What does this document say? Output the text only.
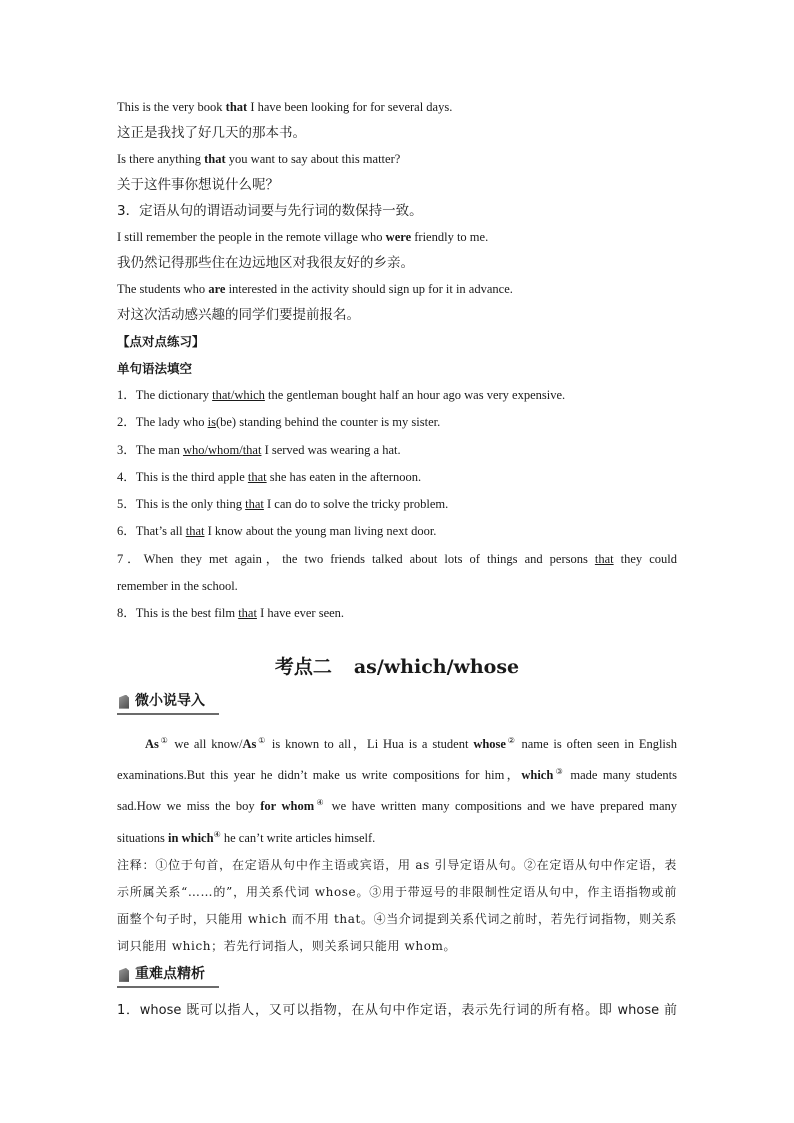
This is the very book that I have been looking for for several days.
这正是我找了好几天的那本书。
Is there anything that you want to say about this matter?
关于这件事你想说什么呢？
3．定语从句的谓语动词要与先行词的数保持一致。
I still remember the people in the remote village who were friendly to me.
我仍然记得那些住在边远地区对我很友好的乡亲。
The students who are interested in the activity should sign up for it in advance.
对这次活动感兴趣的同学们要提前报名。
【点对点练习】
单句语法填空
1．The dictionary that/which the gentleman bought half an hour ago was very expensive.
2．The lady who is(be) standing behind the counter is my sister.
3．The man who/whom/that I served was wearing a hat.
4．This is the third apple that she has eaten in the afternoon.
5．This is the only thing that I can do to solve the tricky problem.
6．That’s all that I know about the young man living next door.
7．When they met again，the two friends talked about lots of things and persons that they could
remember in the school.
8．This is the best film that I have ever seen.
考点二 as/which/whose
微小说导入
As① we all know/As① is known to all，Li Hua is a student whose② name is often seen in English examinations.But this year he didn’t make us write compositions for him，which③ made many students sad.How we miss the boy for whom④ we have written many compositions and we have prepared many situations in which④ he can’t write articles himself.
注释：①位于句首，在定语从句中作主语或宾语，用 as 引导定语从句。②在定语从句中作定语，表示所属关系“……的”，用关系代词 whose。③用于带逗号的非限制性定语从句中，作主语指物或前面整个句子时，只能用 which 而不用 that。④当介词提到关系代词之前时，若先行词指物，则关系词只能用 which；若先行词指人，则关系词只能用 whom。
重难点精析
1．whose 既可以指人，又可以指物，在从句中作定语，表示先行词的所有格。即 whose 前
